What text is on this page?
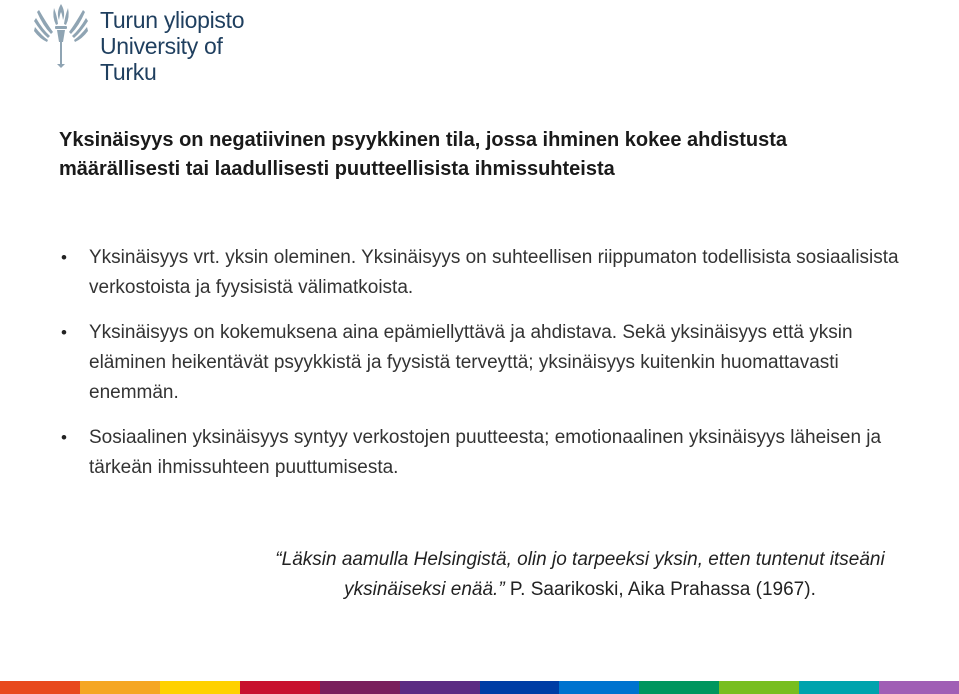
Turun yliopisto
University of Turku
Yksinäisyys on negatiivinen psyykkinen tila, jossa ihminen kokee ahdistusta
määrällisesti tai laadullisesti puutteellisista ihmissuhteista
• Yksinäisyys vrt. yksin oleminen. Yksinäisyys on suhteellisen riippumaton todellisista sosiaalisista verkostoista ja fyysisistä välimatkoista.
• Yksinäisyys on kokemuksena aina epämiellyttävä ja ahdistava. Sekä yksinäisyys että yksin eläminen heikentävät psyykkistä ja fyysistä terveyttä; yksinäisyys kuitenkin huomattavasti enemmän.
• Sosiaalinen yksinäisyys syntyy verkostojen puutteesta; emotionaalinen yksinäisyys läheisen ja tärkeän ihmissuhteen puuttumisesta.
“Läksin aamulla Helsingistä, olin jo tarpeeksi yksin, etten tuntenut itseäni
yksinäiseksi enää.” P. Saarikoski, Aika Prahassa (1967).
